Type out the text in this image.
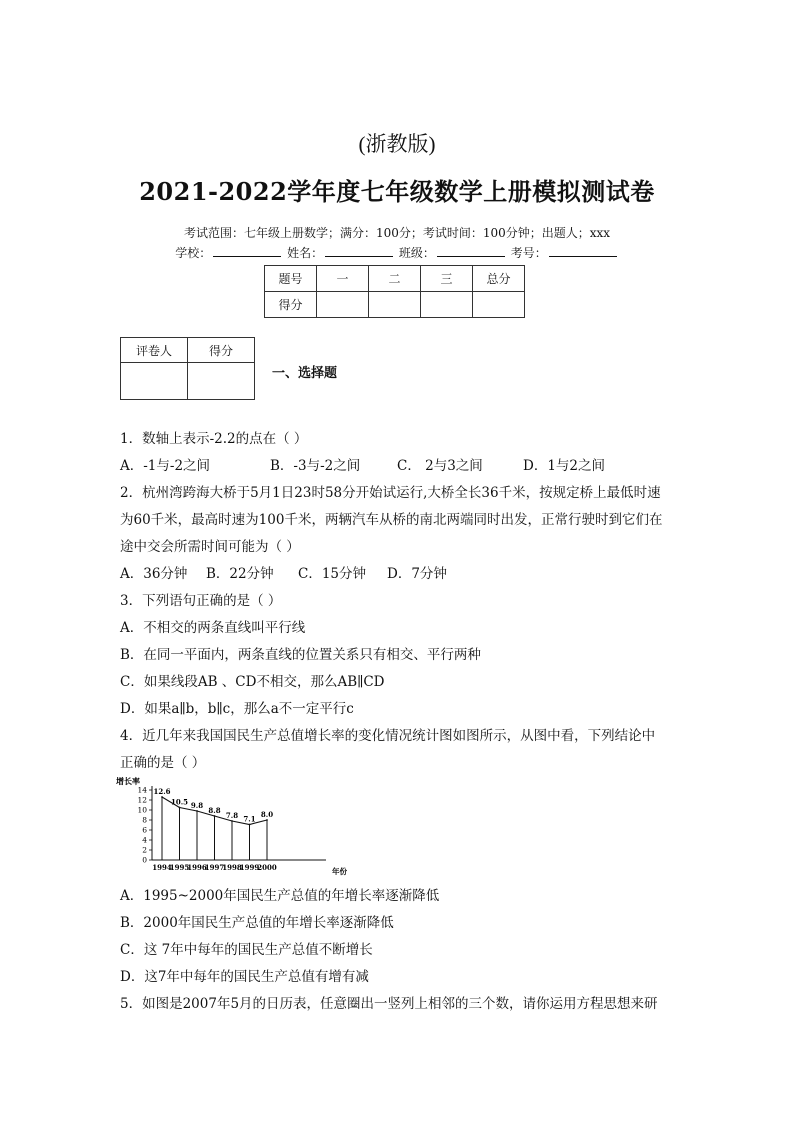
(浙教版)
2021-2022学年度七年级数学上册模拟测试卷
考试范围：七年级上册数学；满分：100分；考试时间：100分钟；出题人；xxx
学校：	姓名：	班级：	考号：
题号	一	二	三	总分
得分				
评卷人	得分

一、选择题
1．数轴上表示-2.2的点在（ ）
A．-1与-2之间	B．-3与-2之间	C． 2与3之间	D．1与2之间
2．杭州湾跨海大桥于5月1日23时58分开始试运行,大桥全长36千米，按规定桥上最低时速
为60千米，最高时速为100千米，两辆汽车从桥的南北两端同时出发，正常行驶时到它们在
途中交会所需时间可能为（ ）
A．36分钟 B．22分钟 C．15分钟 D．7分钟
3．下列语句正确的是（ ）
A．不相交的两条直线叫平行线
B．在同一平面内，两条直线的位置关系只有相交、平行两种
C．如果线段AB 、CD不相交，那么AB∥CD
D．如果a∥b，b∥c，那么a不一定平行c
4．近几年来我国国民生产总值增长率的变化情况统计图如图所示，从图中看，下列结论中
正确的是（ ）
增长率
0
2
4
6
8
10
12
14 12.6
10.5 9.8
8.8
7.8 7.1 8.0
1994
1995
1996
1997
1998
1999
2000	年份
A．1995~2000年国民生产总值的年增长率逐渐降低
B．2000年国民生产总值的年增长率逐渐降低
C．这 7年中每年的国民生产总值不断增长
D．这7年中每年的国民生产总值有增有减
5．如图是2007年5月的日历表，任意圈出一竖列上相邻的三个数，请你运用方程思想来研
